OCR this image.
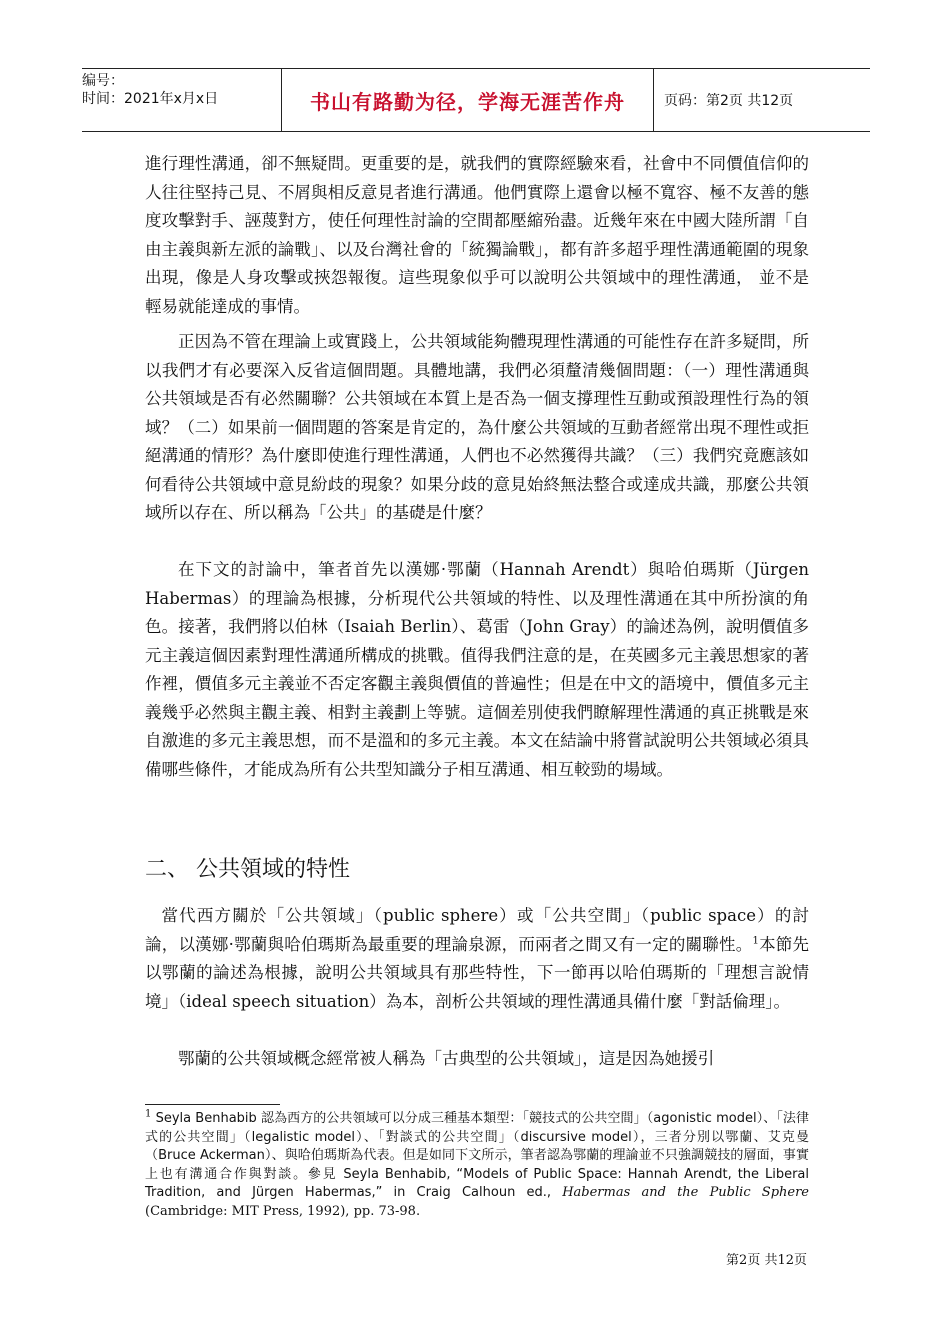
编号：
时间：2021年x月x日	书山有路勤为径，学海无涯苦作舟	页码：第2页 共12页

進行理性溝通，卻不無疑問。更重要的是，就我們的實際經驗來看，社會中不同價值信仰的人往往堅持己見、不屑與相反意見者進行溝通。他們實際上還會以極不寬容、極不友善的態度攻擊對手、誣蔑對方，使任何理性討論的空間都壓縮殆盡。近幾年來在中國大陸所謂「自由主義與新左派的論戰」、以及台灣社會的「統獨論戰」，都有許多超乎理性溝通範圍的現象出現，像是人身攻擊或挾怨報復。這些現象似乎可以說明公共領域中的理性溝通， 並不是輕易就能達成的事情。

正因為不管在理論上或實踐上，公共領域能夠體現理性溝通的可能性存在許多疑問，所以我們才有必要深入反省這個問題。具體地講，我們必須釐清幾個問題：（一）理性溝通與公共領域是否有必然關聯？公共領域在本質上是否為一個支撐理性互動或預設理性行為的領域？（二）如果前一個問題的答案是肯定的，為什麼公共領域的互動者經常出現不理性或拒絕溝通的情形？為什麼即使進行理性溝通，人們也不必然獲得共識？（三）我們究竟應該如何看待公共領域中意見紛歧的現象？如果分歧的意見始終無法整合或達成共識，那麼公共領域所以存在、所以稱為「公共」的基礎是什麼？

在下文的討論中，筆者首先以漢娜·鄂蘭（Hannah Arendt）與哈伯瑪斯（Jürgen Habermas）的理論為根據，分析現代公共領域的特性、以及理性溝通在其中所扮演的角色。接著，我們將以伯林（Isaiah Berlin）、葛雷（John Gray）的論述為例，說明價值多元主義這個因素對理性溝通所構成的挑戰。值得我們注意的是，在英國多元主義思想家的著作裡，價值多元主義並不否定客觀主義與價值的普遍性；但是在中文的語境中，價值多元主義幾乎必然與主觀主義、相對主義劃上等號。這個差別使我們瞭解理性溝通的真正挑戰是來自激進的多元主義思想，而不是溫和的多元主義。本文在結論中將嘗試說明公共領域必須具備哪些條件，才能成為所有公共型知識分子相互溝通、相互較勁的場域。

二、 公共領域的特性

當代西方關於「公共領域」（public sphere）或「公共空間」（public space）的討論，以漢娜·鄂蘭與哈伯瑪斯為最重要的理論泉源，而兩者之間又有一定的關聯性。$^1$本節先以鄂蘭的論述為根據，說明公共領域具有那些特性，下一節再以哈伯瑪斯的「理想言說情境」（ideal speech situation）為本，剖析公共領域的理性溝通具備什麼「對話倫理」。

鄂蘭的公共領域概念經常被人稱為「古典型的公共領域」，這是因為她援引

$^1$ Seyla Benhabib 認為西方的公共領域可以分成三種基本類型：「競技式的公共空間」（agonistic model）、「法律式的公共空間」（legalistic model）、「對談式的公共空間」（discursive model），三者分別以鄂蘭、艾克曼（Bruce Ackerman）、與哈伯瑪斯為代表。但是如同下文所示，筆者認為鄂蘭的理論並不只強調競技的層面，事實上也有溝通合作與對談。參見 Seyla Benhabib, “Models of Public Space: Hannah Arendt, the Liberal Tradition, and Jürgen Habermas,” in Craig Calhoun ed., Habermas and the Public Sphere (Cambridge: MIT Press, 1992), pp. 73-98.
第2页 共12页
